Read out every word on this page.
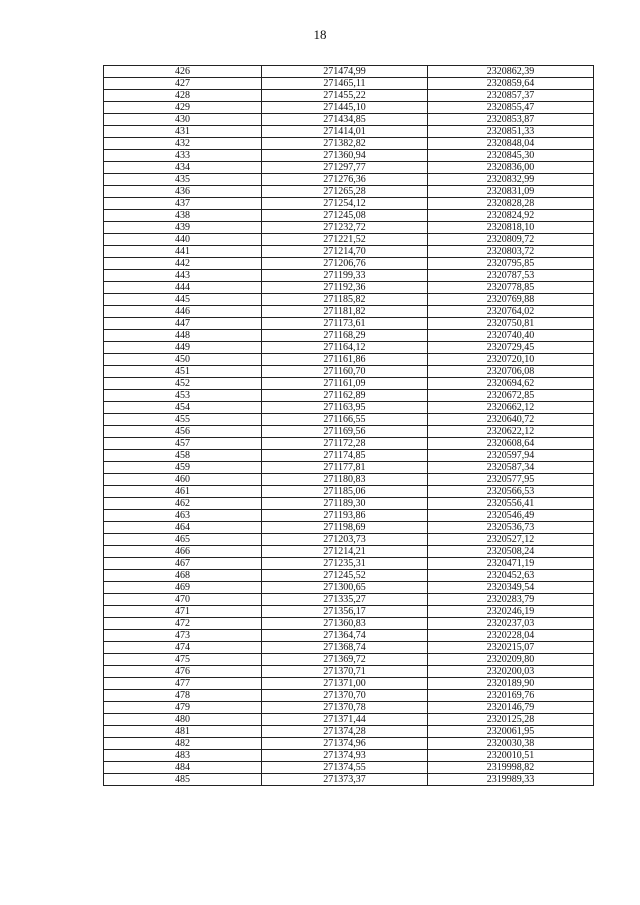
18
426	271474,99	2320862,39
427	271465,11	2320859,64
428	271455,22	2320857,37
429	271445,10	2320855,47
430	271434,85	2320853,87
431	271414,01	2320851,33
432	271382,82	2320848,04
433	271360,94	2320845,30
434	271297,77	2320836,00
435	271276,36	2320832,99
436	271265,28	2320831,09
437	271254,12	2320828,28
438	271245,08	2320824,92
439	271232,72	2320818,10
440	271221,52	2320809,72
441	271214,70	2320803,72
442	271206,76	2320795,85
443	271199,33	2320787,53
444	271192,36	2320778,85
445	271185,82	2320769,88
446	271181,82	2320764,02
447	271173,61	2320750,81
448	271168,29	2320740,40
449	271164,12	2320729,45
450	271161,86	2320720,10
451	271160,70	2320706,08
452	271161,09	2320694,62
453	271162,89	2320672,85
454	271163,95	2320662,12
455	271166,55	2320640,72
456	271169,56	2320622,12
457	271172,28	2320608,64
458	271174,85	2320597,94
459	271177,81	2320587,34
460	271180,83	2320577,95
461	271185,06	2320566,53
462	271189,30	2320556,41
463	271193,86	2320546,49
464	271198,69	2320536,73
465	271203,73	2320527,12
466	271214,21	2320508,24
467	271235,31	2320471,19
468	271245,52	2320452,63
469	271300,65	2320349,54
470	271335,27	2320283,79
471	271356,17	2320246,19
472	271360,83	2320237,03
473	271364,74	2320228,04
474	271368,74	2320215,07
475	271369,72	2320209,80
476	271370,71	2320200,03
477	271371,00	2320189,90
478	271370,70	2320169,76
479	271370,78	2320146,79
480	271371,44	2320125,28
481	271374,28	2320061,95
482	271374,96	2320030,38
483	271374,93	2320010,51
484	271374,55	2319998,82
485	271373,37	2319989,33
